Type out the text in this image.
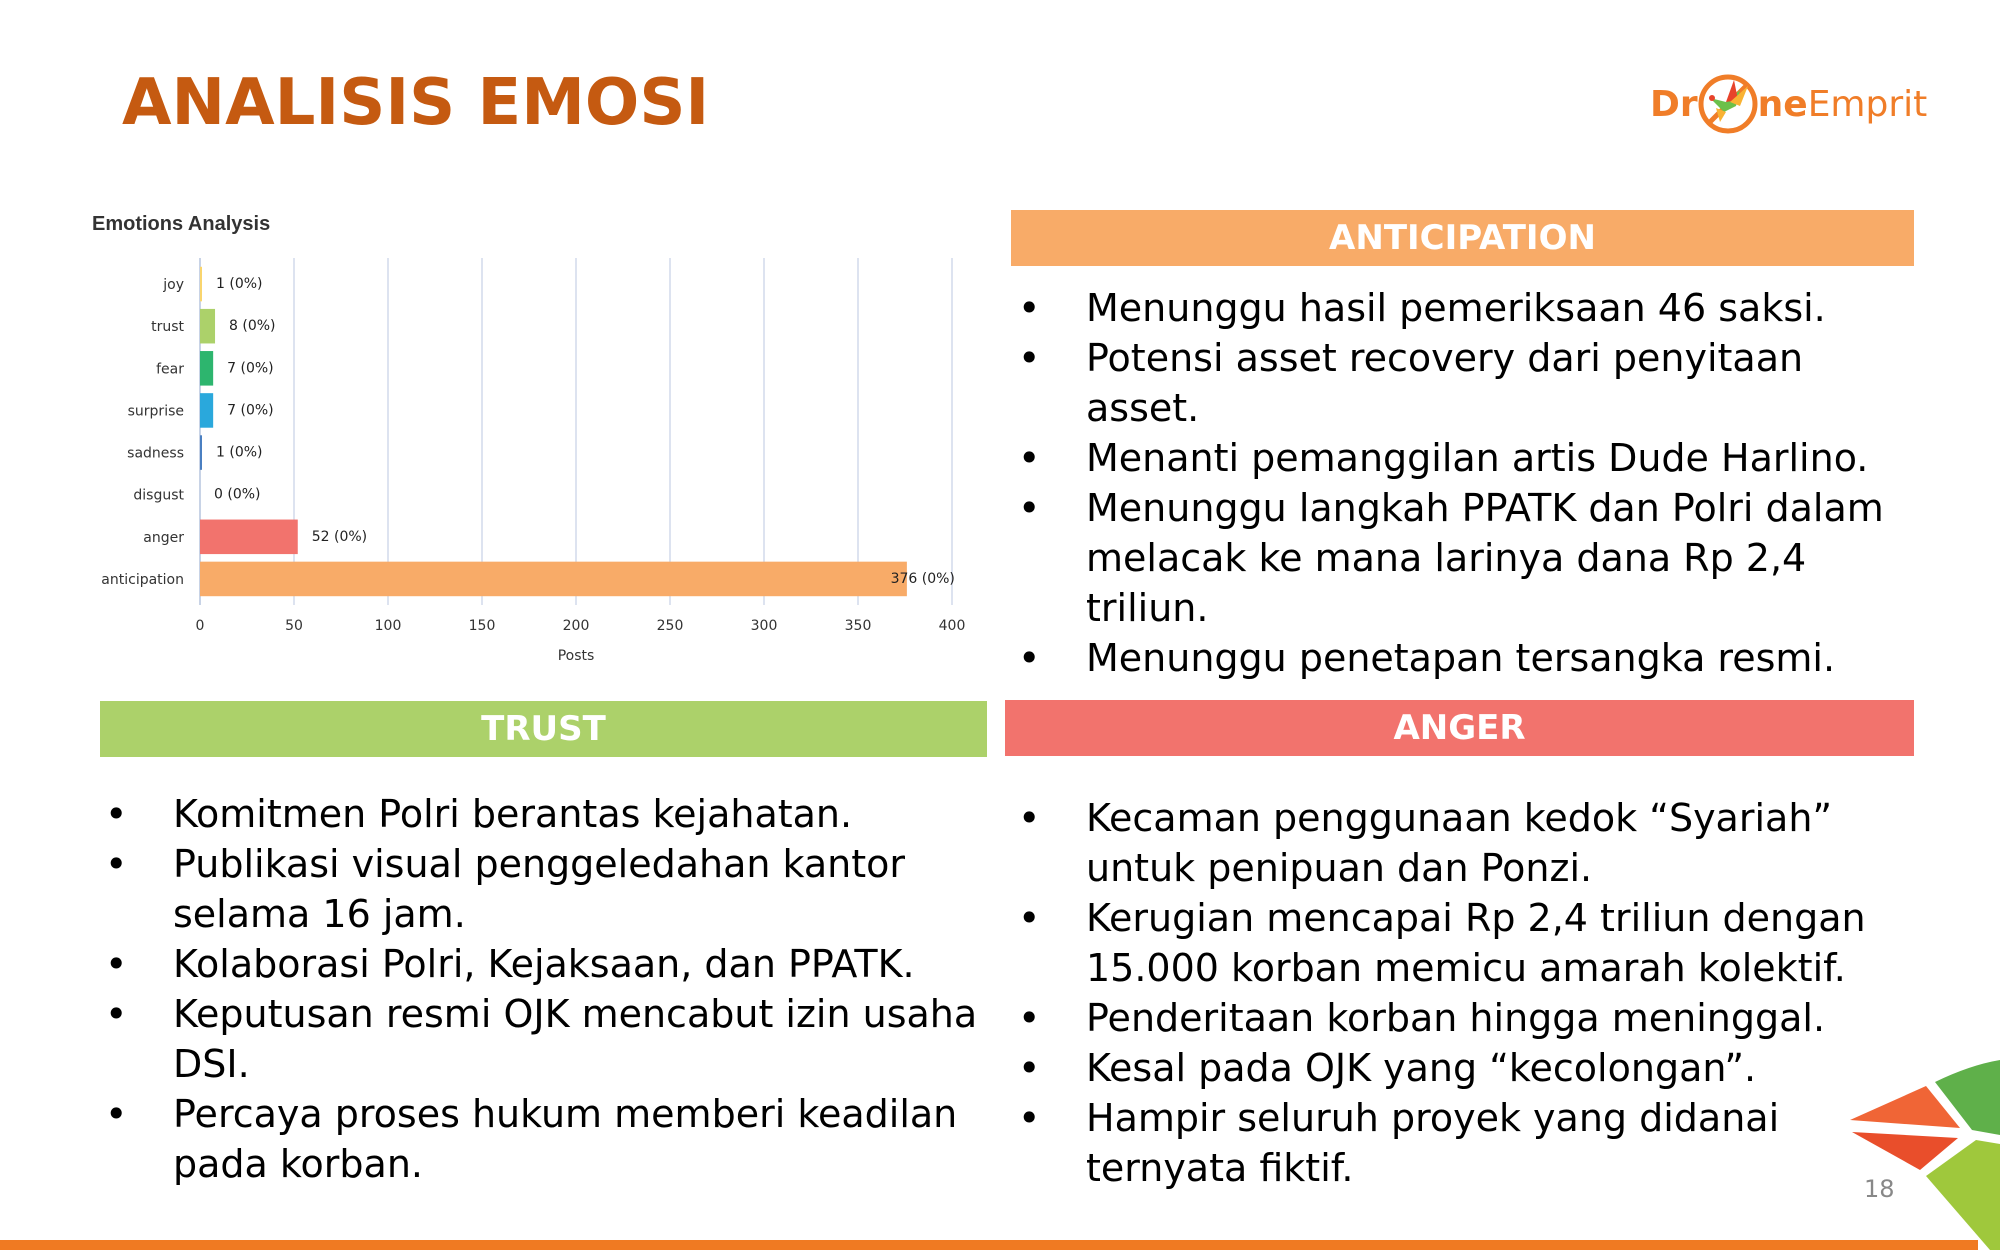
ANALISIS EMOSI	Dr ne Emprit
Emotions Analysis
0	50	100	150	200	250	300	350	400
Posts
joy 1 (0%)
trust	8 (0%)
fear	7 (0%)
surprise	7 (0%)
sadness 1 (0%)
disgust 0 (0%)
anger	52 (0%)
anticipation	376 (0%)
ANTICIPATION
• Menunggu hasil pemeriksaan 46 saksi.
• Potensi asset recovery dari penyitaan asset.
• Menanti pemanggilan artis Dude Harlino.
• Menunggu langkah PPATK dan Polri dalam melacak ke mana larinya dana Rp 2,4 triliun.
• Menunggu penetapan tersangka resmi.
TRUST
• Komitmen Polri berantas kejahatan.
• Publikasi visual penggeledahan kantor selama 16 jam.
• Kolaborasi Polri, Kejaksaan, dan PPATK.
• Keputusan resmi OJK mencabut izin usaha DSI.
• Percaya proses hukum memberi keadilan pada korban.
ANGER
• Kecaman penggunaan kedok “Syariah” untuk penipuan dan Ponzi.
• Kerugian mencapai Rp 2,4 triliun dengan 15.000 korban memicu amarah kolektif.
• Penderitaan korban hingga meninggal.
• Kesal pada OJK yang “kecolongan”.
• Hampir seluruh proyek yang didanai ternyata fiktif.	18
